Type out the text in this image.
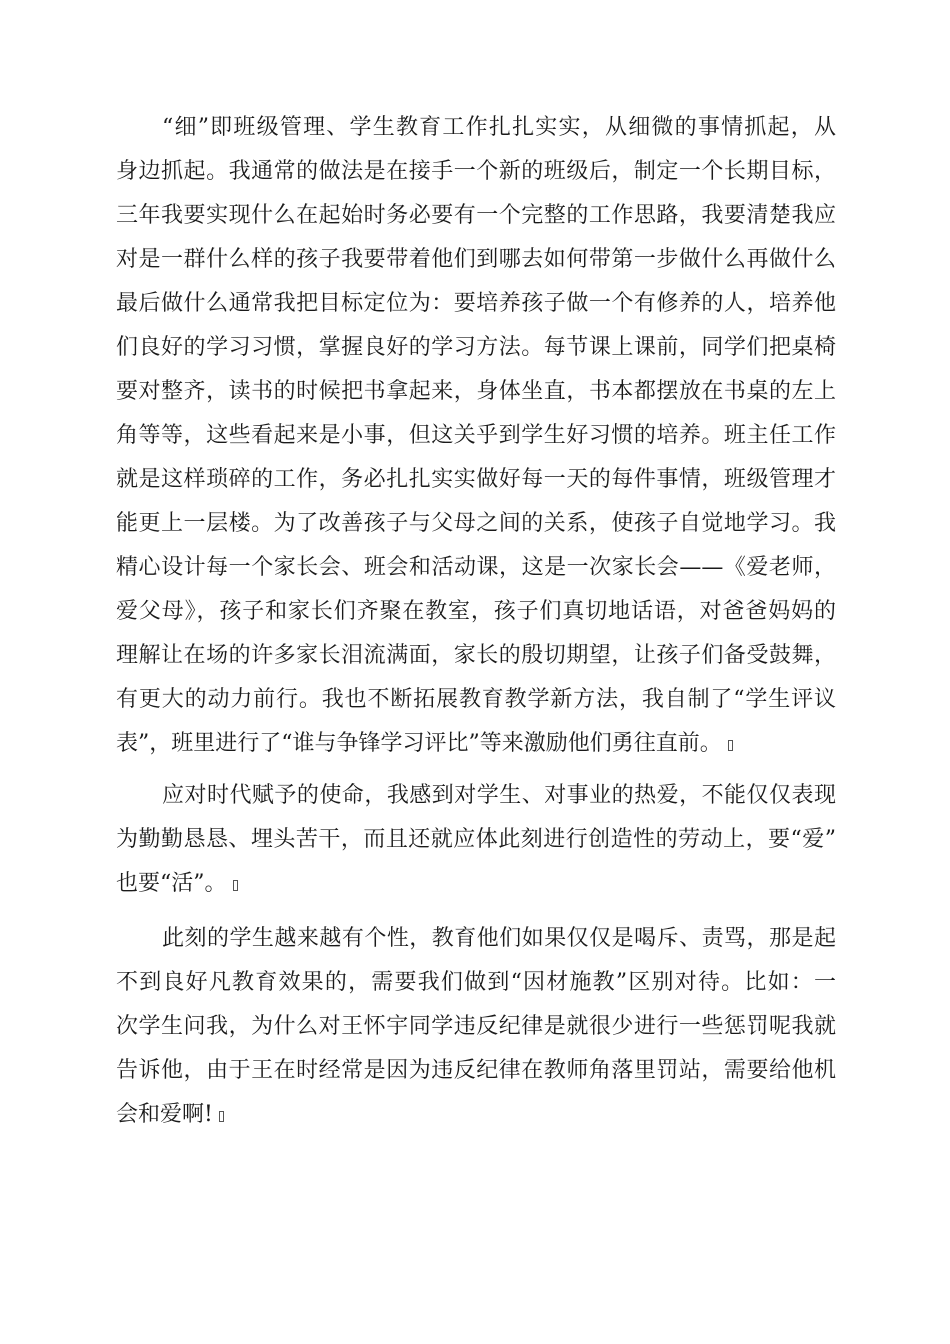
“细”即班级管理、学生教育工作扎扎实实，从细微的事情抓起，从

身边抓起。我通常的做法是在接手一个新的班级后，制定一个长期目标，

三年我要实现什么在起始时务必要有一个完整的工作思路，我要清楚我应

对是一群什么样的孩子我要带着他们到哪去如何带第一步做什么再做什么

最后做什么通常我把目标定位为：要培养孩子做一个有修养的人，培养他

们良好的学习习惯，掌握良好的学习方法。每节课上课前，同学们把桌椅

要对整齐，读书的时候把书拿起来，身体坐直，书本都摆放在书桌的左上

角等等，这些看起来是小事，但这关乎到学生好习惯的培养。班主任工作

就是这样琐碎的工作，务必扎扎实实做好每一天的每件事情，班级管理才

能更上一层楼。为了改善孩子与父母之间的关系，使孩子自觉地学习。我

精心设计每一个家长会、班会和活动课，这是一次家长会——《爱老师，

爱父母》，孩子和家长们齐聚在教室，孩子们真切地话语，对爸爸妈妈的

理解让在场的许多家长泪流满面，家长的殷切期望，让孩子们备受鼓舞，

有更大的动力前行。我也不断拓展教育教学新方法，我自制了“学生评议

表”，班里进行了“谁与争锋学习评比”等来激励他们勇往直前。

应对时代赋予的使命，我感到对学生、对事业的热爱，不能仅仅表现

为勤勤恳恳、埋头苦干，而且还就应体此刻进行创造性的劳动上，要“爱”

也要“活”。

此刻的学生越来越有个性，教育他们如果仅仅是喝斥、责骂，那是起

不到良好凡教育效果的，需要我们做到“因材施教”区别对待。比如：一

次学生问我，为什么对王怀宇同学违反纪律是就很少进行一些惩罚呢我就

告诉他，由于王在时经常是因为违反纪律在教师角落里罚站，需要给他机

会和爱啊!
